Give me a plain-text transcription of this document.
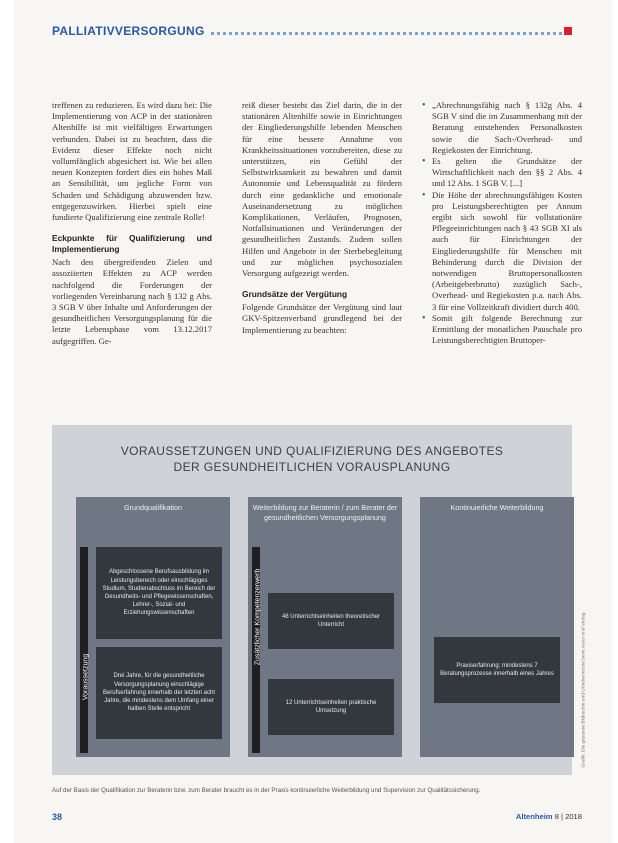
PALLIATIVVERSORGUNG

treffenen zu reduzieren. Es wird dazu bei: Die Implementierung von ACP in der stationären Altenhilfe ist mit vielfältigen Erwartungen verbunden. Dabei ist zu beachten, dass die Evidenz dieser Effekte noch nicht vollumfänglich abgesichert ist. Wie bei allen neuen Konzepten fordert dies ein hohes Maß an Sensibilität, um jegliche Form von Schaden und Schädigung abzuwenden bzw. entgegenzuwirken. Hierbei spielt eine fundierte Qualifizierung eine zentrale Rolle!

Eckpunkte für Qualifizierung und Implementierung

Nach den übergreifenden Zielen und assoziierten Effekten zu ACP werden nachfolgend die Forderungen der vorliegenden Vereinbarung nach § 132 g Abs. 3 SGB V über Inhalte und Anforderungen der gesundheitlichen Versorgungsplanung für die letzte Lebensphase vom 13.12.2017 aufgegriffen. Ge-

reiß dieser besteht das Ziel darin, die in der stationären Altenhilfe sowie in Einrichtungen der Eingliederungshilfe lebenden Menschen für eine bessere Annahme von Krankheitssituationen vorzubereiten, diese zu unterstützen, ein Gefühl der Selbstwirksamkeit zu bewahren und damit Autonomie und Lebensqualität zu fördern durch eine gedankliche und emotionale Auseinandersetzung zu möglichen Komplikationen, Verläufen, Prognosen, Notfallsituationen und Veränderungen der gesundheitlichen Zustands. Zudem sollen Hilfen und Angebote in der Sterbebegleitung und zur möglichen psychosozialen Versorgung aufgezeigt werden.

Grundsätze der Vergütung

Folgende Grundsätze der Vergütung sind laut GKV-Spitzenverband grundlegend bei der Implementierung zu beachten:

• „Abrechnungsfähig nach § 132g Abs. 4 SGB V sind die im Zusammenhang mit der Beratung entstehenden Personalkosten sowie die Sach-/Overhead- und Regiekosten der Einrichtung.

• Es gelten die Grundsätze der Wirtschaftlichkeit nach den §§ 2 Abs. 4 und 12 Abs. 1 SGB V. [...]

• Die Höhe der abrechnungsfähigen Kosten pro Leistungsberechtigten per Annum ergibt sich sowohl für vollstationäre Pflegeeinrichtungen nach § 43 SGB XI als auch für Einrichtungen der Eingliederungshilfe für Menschen mit Behinderung durch die Division der notwendigen Bruttopersonalkosten (Arbeitgeberbrutto) zuzüglich Sach-, Overhead- und Regiekosten p.a. nach Abs. 3 für eine Vollzeitkraft dividiert durch 400.

• Somit gilt folgende Berechnung zur Ermittlung der monatlichen Pauschale pro Leistungsberechtigten Bruttoper-

VORAUSSETZUNGEN UND QUALIFIZIERUNG DES ANGEBOTES
DER GESUNDHEITLICHEN VORAUSPLANUNG
Grundqualifikation
Voraussetzung
Abgeschlossene Berufsausbildung im Leistungsbereich oder einschlägiges Studium, Studienabschluss im Bereich der Gesundheits- und Pflegewissenschaften, Lehrer-, Sozial- und Erziehungswissenschaften
Drei Jahre, für die gesundheitliche Versorgungsplanung einschlägige Berufserfahrung innerhalb der letzten acht Jahre, die mindestens dem Umfang einer halben Stelle entspricht
Weiterbildung zur Beraterin / zum Berater der gesundheitlichen Versorgungsplanung
Zusätzlicher Kompetenzerwerb	48 Unterrichtseinheiten theoretischer Unterricht
12 Unterrichtseinheiten praktische Umsetzung
Kontinuierliche Weiterbildung
Praxiserfahrung: mindestens 7 Beratungsprozesse innerhalb eines Jahres
Auf der Basis der Qualifikation zur Beraterin bzw. zum Berater braucht es in der Praxis kontinuierliche Weiterbildung und Supervision zur Qualitätssicherung.
Grafik: Die gesamte Bildrechte und Urheberrechte beim Autor und Verlag
38	Altenheim 8 | 2018
